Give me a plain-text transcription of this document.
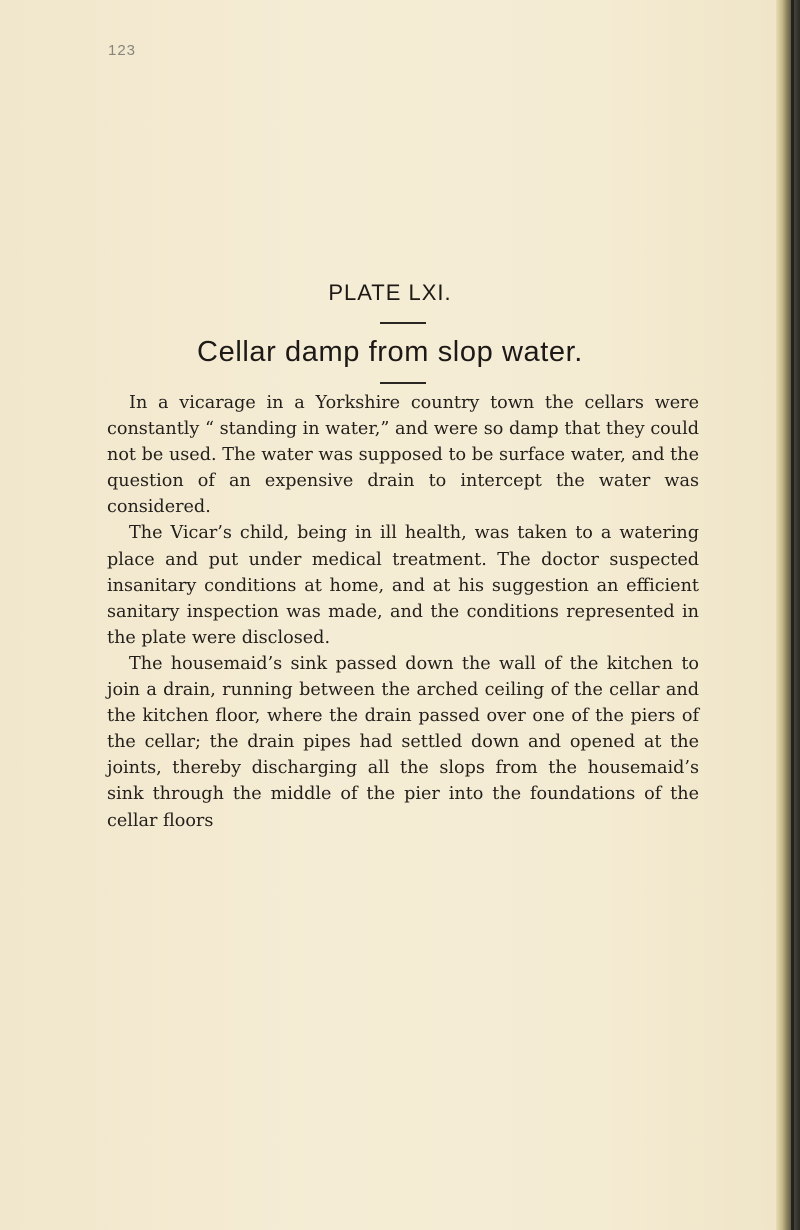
123
PLATE LXI.
Cellar damp from slop water.

In a vicarage in a Yorkshire country town the cellars were constantly “ standing in water,” and were so damp that they could not be used. The water was supposed to be surface water, and the question of an expensive drain to intercept the water was considered.

The Vicar’s child, being in ill health, was taken to a watering place and put under medical treatment. The doctor suspected insanitary conditions at home, and at his suggestion an efficient sanitary inspection was made, and the conditions represented in the plate were disclosed.

The housemaid’s sink passed down the wall of the kitchen to join a drain, running between the arched ceiling of the cellar and the kitchen floor, where the drain passed over one of the piers of the cellar; the drain pipes had settled down and opened at the joints, thereby discharging all the slops from the housemaid’s sink through the middle of the pier into the foundations of the cellar floors
